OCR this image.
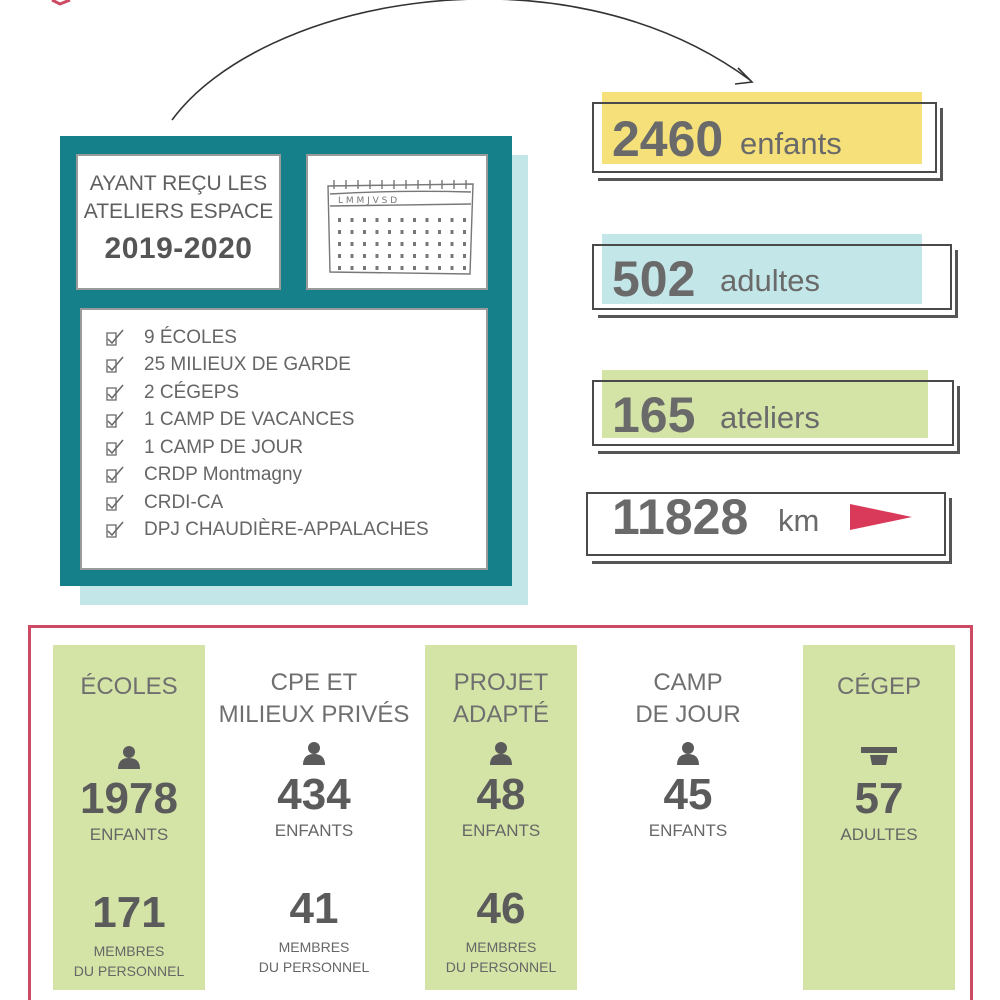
AYANT REÇU LES
ATELIERS ESPACE
2019-2020
L M M J V S D
9 ÉCOLES
25 MILIEUX DE GARDE
2 CÉGEPS
1 CAMP DE VACANCES
1 CAMP DE JOUR
CRDP Montmagny
CRDI-CA
DPJ CHAUDIÈRE-APPALACHES
2460 enfants
502 adultes
165 ateliers
11828 km
ÉCOLES
1978
ENFANTS
171
MEMBRES
DU PERSONNEL
CPE ET
MILIEUX PRIVÉS
434
ENFANTS
41
MEMBRES
DU PERSONNEL
PROJET
ADAPTÉ
48
ENFANTS
46
MEMBRES
DU PERSONNEL
CAMP
DE JOUR
45
ENFANTS
CÉGEP
57
ADULTES
